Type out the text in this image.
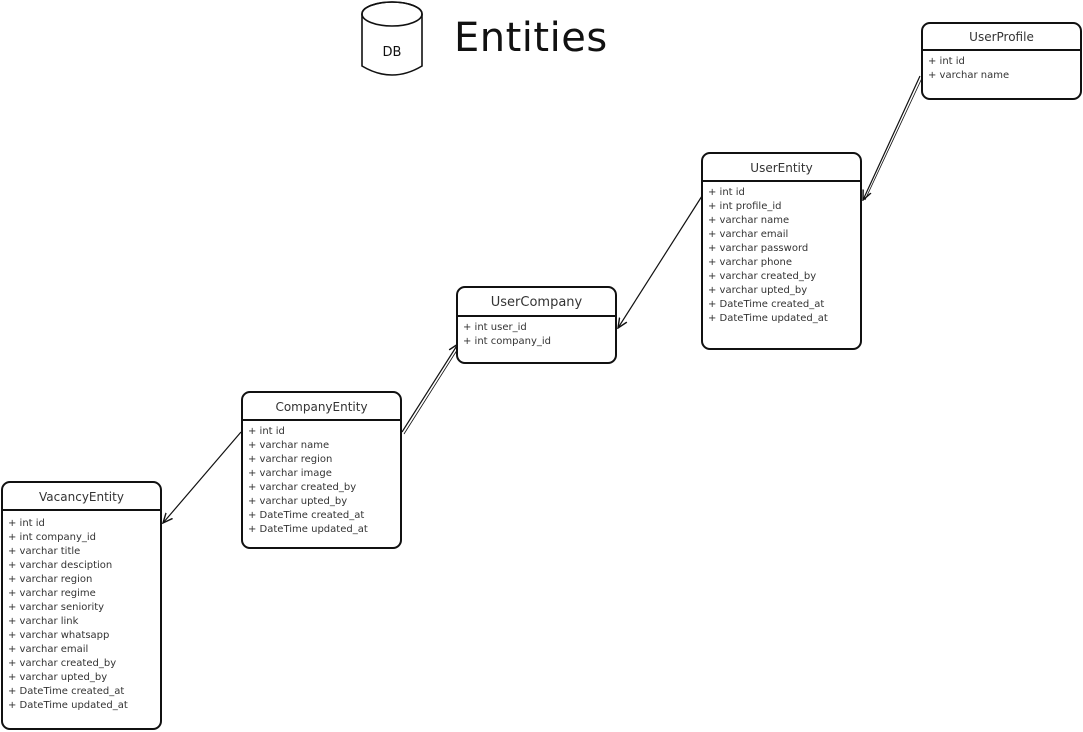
DB Entities	UserProfile
+ int id
+ varchar name
UserEntity
+ int id
+ int profile_id
+ varchar name
+ varchar email
+ varchar password
+ varchar phone
+ varchar created_by
+ varchar upted_by
+ DateTime created_at
+ DateTime updated_at
UserCompany
+ int user_id
+ int company_id
CompanyEntity
+ int id
+ varchar name
+ varchar region
+ varchar image
+ varchar created_by
+ varchar upted_by
+ DateTime created_at
+ DateTime updated_at
VacancyEntity
+ int id
+ int company_id
+ varchar title
+ varchar desciption
+ varchar region
+ varchar regime
+ varchar seniority
+ varchar link
+ varchar whatsapp
+ varchar email
+ varchar created_by
+ varchar upted_by
+ DateTime created_at
+ DateTime updated_at
